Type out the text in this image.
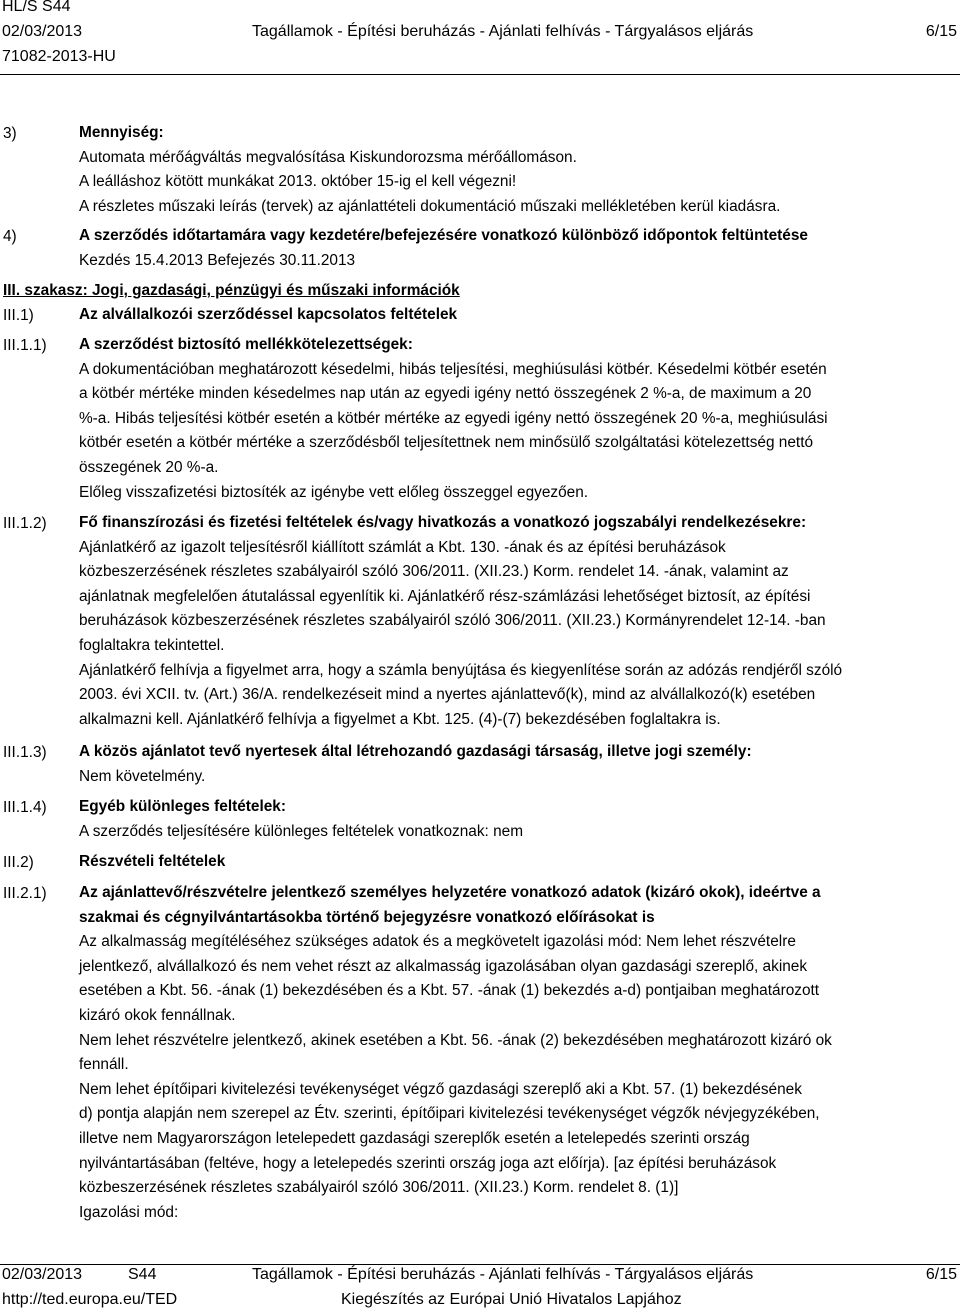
HL/S S44
02/03/2013	Tagállamok - Építési beruházás - Ajánlati felhívás - Tárgyalásos eljárás	6/15
71082-2013-HU
3)	Mennyiség:
Automata mérőágváltás megvalósítása Kiskundorozsma mérőállomáson.
A leálláshoz kötött munkákat 2013. október 15-ig el kell végezni!
A részletes műszaki leírás (tervek) az ajánlattételi dokumentáció műszaki mellékletében kerül kiadásra.
4)	A szerződés időtartamára vagy kezdetére/befejezésére vonatkozó különböző időpontok feltüntetése
Kezdés 15.4.2013 Befejezés 30.11.2013
III. szakasz: Jogi, gazdasági, pénzügyi és műszaki információk
III.1)	Az alvállalkozói szerződéssel kapcsolatos feltételek
III.1.1) A szerződést biztosító mellékkötelezettségek:
A dokumentációban meghatározott késedelmi, hibás teljesítési, meghiúsulási kötbér. Késedelmi kötbér esetén
a kötbér mértéke minden késedelmes nap után az egyedi igény nettó összegének 2 %-a, de maximum a 20
%-a. Hibás teljesítési kötbér esetén a kötbér mértéke az egyedi igény nettó összegének 20 %-a, meghiúsulási
kötbér esetén a kötbér mértéke a szerződésből teljesítettnek nem minősülő szolgáltatási kötelezettség nettó
összegének 20 %-a.
Előleg visszafizetési biztosíték az igénybe vett előleg összeggel egyezően.
III.1.2) Fő finanszírozási és fizetési feltételek és/vagy hivatkozás a vonatkozó jogszabályi rendelkezésekre:
Ajánlatkérő az igazolt teljesítésről kiállított számlát a Kbt. 130. -ának és az építési beruházások
közbeszerzésének részletes szabályairól szóló 306/2011. (XII.23.) Korm. rendelet 14. -ának, valamint az
ajánlatnak megfelelően átutalással egyenlítik ki. Ajánlatkérő rész-számlázási lehetőséget biztosít, az építési
beruházások közbeszerzésének részletes szabályairól szóló 306/2011. (XII.23.) Kormányrendelet 12-14. -ban
foglaltakra tekintettel.
Ajánlatkérő felhívja a figyelmet arra, hogy a számla benyújtása és kiegyenlítése során az adózás rendjéről szóló
2003. évi XCII. tv. (Art.) 36/A. rendelkezéseit mind a nyertes ajánlattevő(k), mind az alvállalkozó(k) esetében
alkalmazni kell. Ajánlatkérő felhívja a figyelmet a Kbt. 125. (4)-(7) bekezdésében foglaltakra is.
III.1.3) A közös ajánlatot tevő nyertesek által létrehozandó gazdasági társaság, illetve jogi személy:
Nem követelmény.
III.1.4) Egyéb különleges feltételek:
A szerződés teljesítésére különleges feltételek vonatkoznak: nem
III.2)	Részvételi feltételek
III.2.1) Az ajánlattevő/részvételre jelentkező személyes helyzetére vonatkozó adatok (kizáró okok), ideértve a
szakmai és cégnyilvántartásokba történő bejegyzésre vonatkozó előírásokat is
Az alkalmasság megítéléséhez szükséges adatok és a megkövetelt igazolási mód: Nem lehet részvételre
jelentkező, alvállalkozó és nem vehet részt az alkalmasság igazolásában olyan gazdasági szereplő, akinek
esetében a Kbt. 56. -ának (1) bekezdésében és a Kbt. 57. -ának (1) bekezdés a-d) pontjaiban meghatározott
kizáró okok fennállnak.
Nem lehet részvételre jelentkező, akinek esetében a Kbt. 56. -ának (2) bekezdésében meghatározott kizáró ok
fennáll.
Nem lehet építőipari kivitelezési tevékenységet végző gazdasági szereplő aki a Kbt. 57. (1) bekezdésének
d) pontja alapján nem szerepel az Étv. szerinti, építőipari kivitelezési tevékenységet végzők névjegyzékében,
illetve nem Magyarországon letelepedett gazdasági szereplők esetén a letelepedés szerinti ország
nyilvántartásában (feltéve, hogy a letelepedés szerinti ország joga azt előírja). [az építési beruházások
közbeszerzésének részletes szabályairól szóló 306/2011. (XII.23.) Korm. rendelet 8. (1)]
Igazolási mód:
02/03/2013	S44	Tagállamok - Építési beruházás - Ajánlati felhívás - Tárgyalásos eljárás	6/15
http://ted.europa.eu/TED	Kiegészítés az Európai Unió Hivatalos Lapjához
